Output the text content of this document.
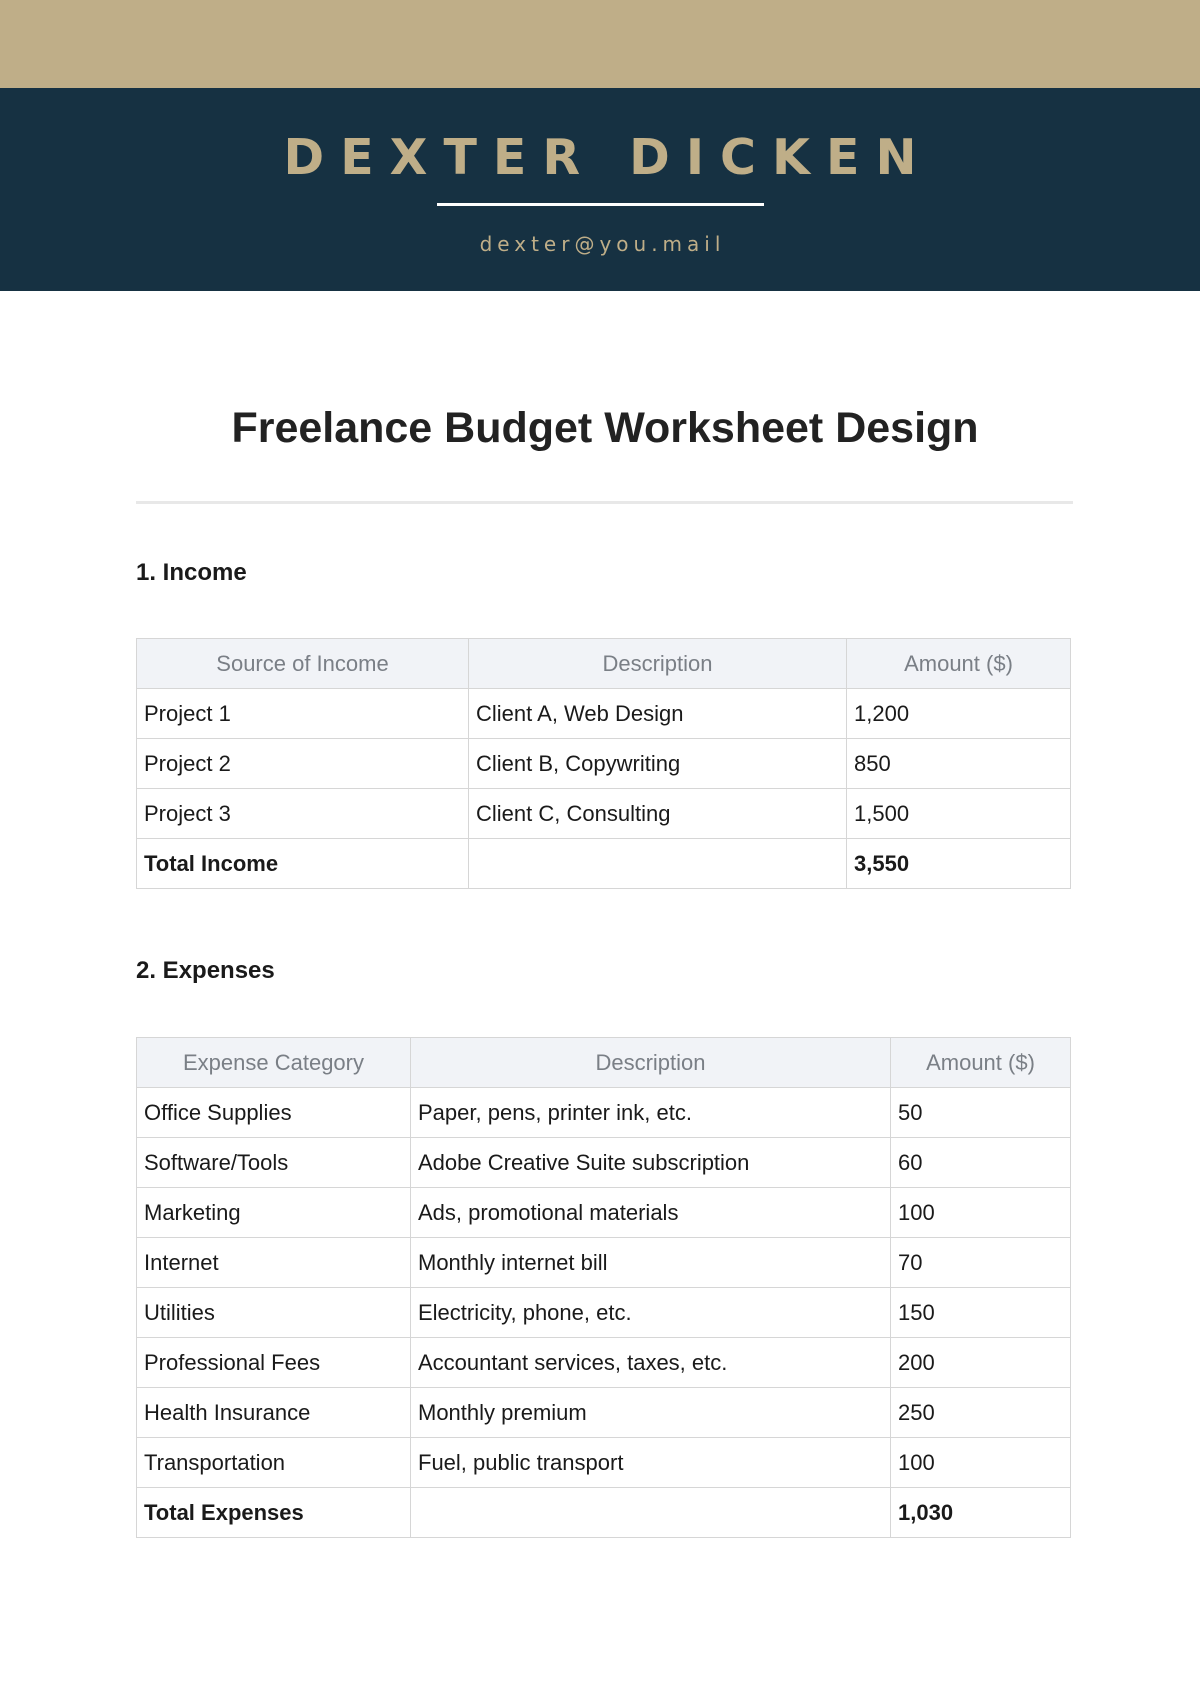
DEXTER DICKEN
dexter@you.mail
Freelance Budget Worksheet Design
1. Income
Source of Income	Description	Amount ($)
Project 1	Client A, Web Design	1,200
Project 2	Client B, Copywriting	850
Project 3	Client C, Consulting	1,500
Total Income		3,550
2. Expenses
Expense Category	Description	Amount ($)
Office Supplies	Paper, pens, printer ink, etc.	50
Software/Tools	Adobe Creative Suite subscription	60
Marketing	Ads, promotional materials	100
Internet	Monthly internet bill	70
Utilities	Electricity, phone, etc.	150
Professional Fees	Accountant services, taxes, etc.	200
Health Insurance	Monthly premium	250
Transportation	Fuel, public transport	100
Total Expenses		1,030
